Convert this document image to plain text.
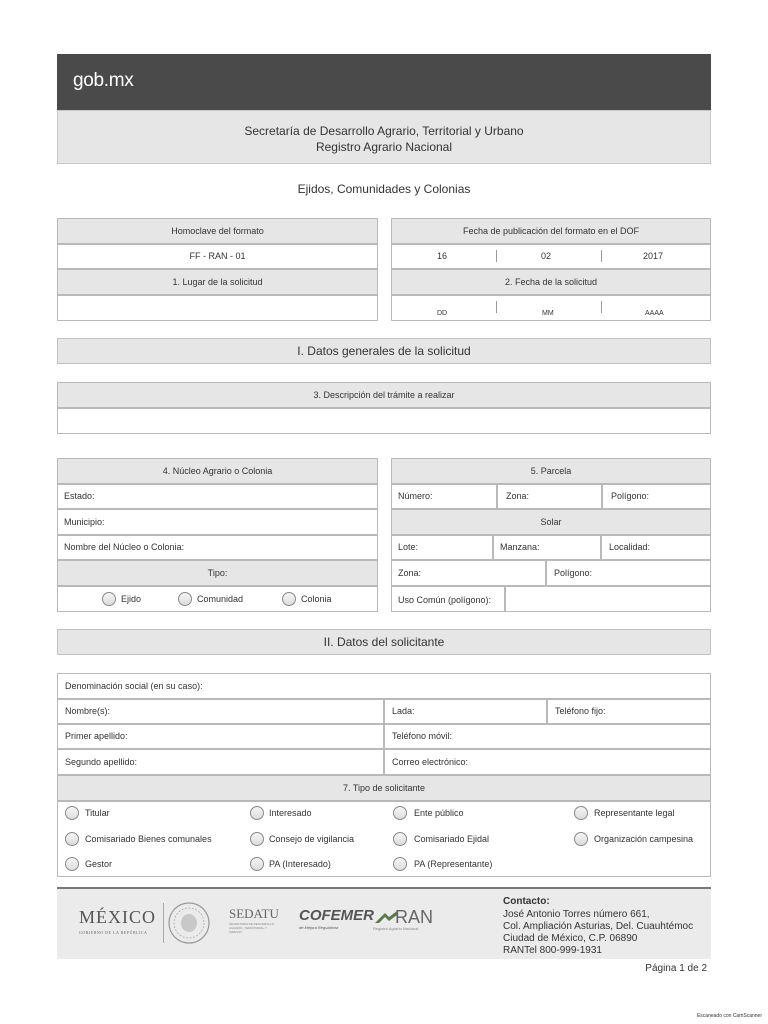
gob.mx
Secretaría de Desarrollo Agrario, Territorial y Urbano
Registro Agrario Nacional
Ejidos, Comunidades y Colonias
Homoclave del formato
FF - RAN - 01
1. Lugar de la solicitud
Fecha de publicación del formato en el DOF
16	02	2017
2. Fecha de la solicitud
DD	MM	AAAA
I. Datos generales de la solicitud
3. Descripción del trámite a realizar
4. Núcleo Agrario o Colonia
Estado:
Municipio:
Nombre del Núcleo o Colonia:
Tipo:
Ejido	Comunidad	Colonia
5. Parcela
Número:	Zona:	Polígono:
Solar
Lote:	Manzana:	Localidad:
Zona:	Polígono:
Uso Común (polígono):
II. Datos del solicitante
Denominación social (en su caso):
Nombre(s):	Lada:	Teléfono fijo:
Primer apellido:	Teléfono móvil:
Segundo apellido:	Correo electrónico:
7. Tipo de solicitante
Titular	Interesado	Ente público	Representante legal
Comisariado Bienes comunales	Consejo de vigilancia	Comisariado Ejidal	Organización campesina
Gestor	PA (Interesado)	PA (Representante)
MÉXICO
GOBIERNO DE LA REPÚBLICA
SEDATU
SECRETARÍA DE DESARROLLO AGRARIO, TERRITORIAL Y URBANO
COFEMER
de Mejora Regulatoria
RAN
Registro Agrario Nacional
Contacto:
José Antonio Torres número 661,
Col. Ampliación Asturias, Del. Cuauhtémoc
Ciudad de México, C.P. 06890
RANTel 800-999-1931
Página 1 de 2
Escaneado con CamScanner
